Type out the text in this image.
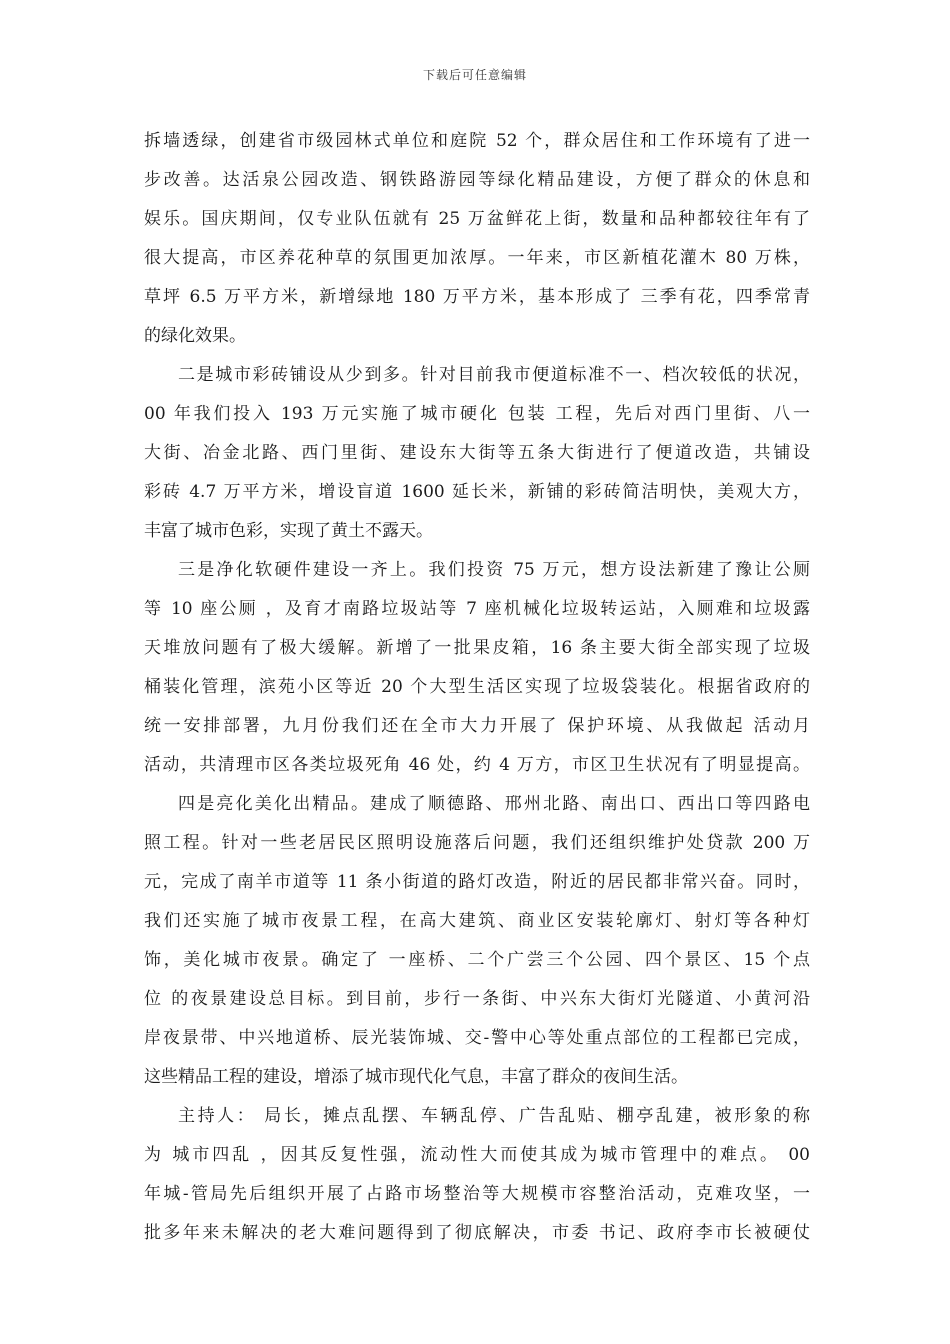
下载后可任意编辑
拆墙透绿，创建省市级园林式单位和庭院 52 个，群众居住和工作环境有了进一
步改善。达活泉公园改造、钢铁路游园等绿化精品建设，方便了群众的休息和
娱乐。国庆期间，仅专业队伍就有 25 万盆鲜花上街，数量和品种都较往年有了
很大提高，市区养花种草的氛围更加浓厚。一年来，市区新植花灌木 80 万株，
草坪 6.5 万平方米，新增绿地 180 万平方米，基本形成了 三季有花，四季常青
的绿化效果。
二是城市彩砖铺设从少到多。针对目前我市便道标准不一、档次较低的状况，
00 年我们投入 193 万元实施了城市硬化 包装 工程，先后对西门里街、八一
大街、冶金北路、西门里街、建设东大街等五条大街进行了便道改造，共铺设
彩砖 4.7 万平方米，增设盲道 1600 延长米，新铺的彩砖简洁明快，美观大方，
丰富了城市色彩，实现了黄土不露天。
三是净化软硬件建设一齐上。我们投资 75 万元，想方设法新建了豫让公厕
等 10 座公厕 ，及育才南路垃圾站等 7 座机械化垃圾转运站，入厕难和垃圾露
天堆放问题有了极大缓解。新增了一批果皮箱，16 条主要大街全部实现了垃圾
桶装化管理，滨苑小区等近 20 个大型生活区实现了垃圾袋装化。根据省政府的
统一安排部署，九月份我们还在全市大力开展了 保护环境、从我做起 活动月
活动，共清理市区各类垃圾死角 46 处，约 4 万方，市区卫生状况有了明显提高。
四是亮化美化出精品。建成了顺德路、邢州北路、南出口、西出口等四路电
照工程。针对一些老居民区照明设施落后问题，我们还组织维护处贷款 200 万
元，完成了南羊市道等 11 条小街道的路灯改造，附近的居民都非常兴奋。同时，
我们还实施了城市夜景工程，在高大建筑、商业区安装轮廓灯、射灯等各种灯
饰，美化城市夜景。确定了 一座桥、二个广尝三个公园、四个景区、15 个点
位 的夜景建设总目标。到目前，步行一条街、中兴东大街灯光隧道、小黄河沿
岸夜景带、中兴地道桥、辰光装饰城、交-警中心等处重点部位的工程都已完成，
这些精品工程的建设，增添了城市现代化气息，丰富了群众的夜间生活。
主持人： 局长，摊点乱摆、车辆乱停、广告乱贴、棚亭乱建，被形象的称
为 城市四乱 ，因其反复性强，流动性大而使其成为城市管理中的难点。 00
年城-管局先后组织开展了占路市场整治等大规模市容整治活动，克难攻坚，一
批多年来未解决的老大难问题得到了彻底解决，市委 书记、政府李市长被硬仗
